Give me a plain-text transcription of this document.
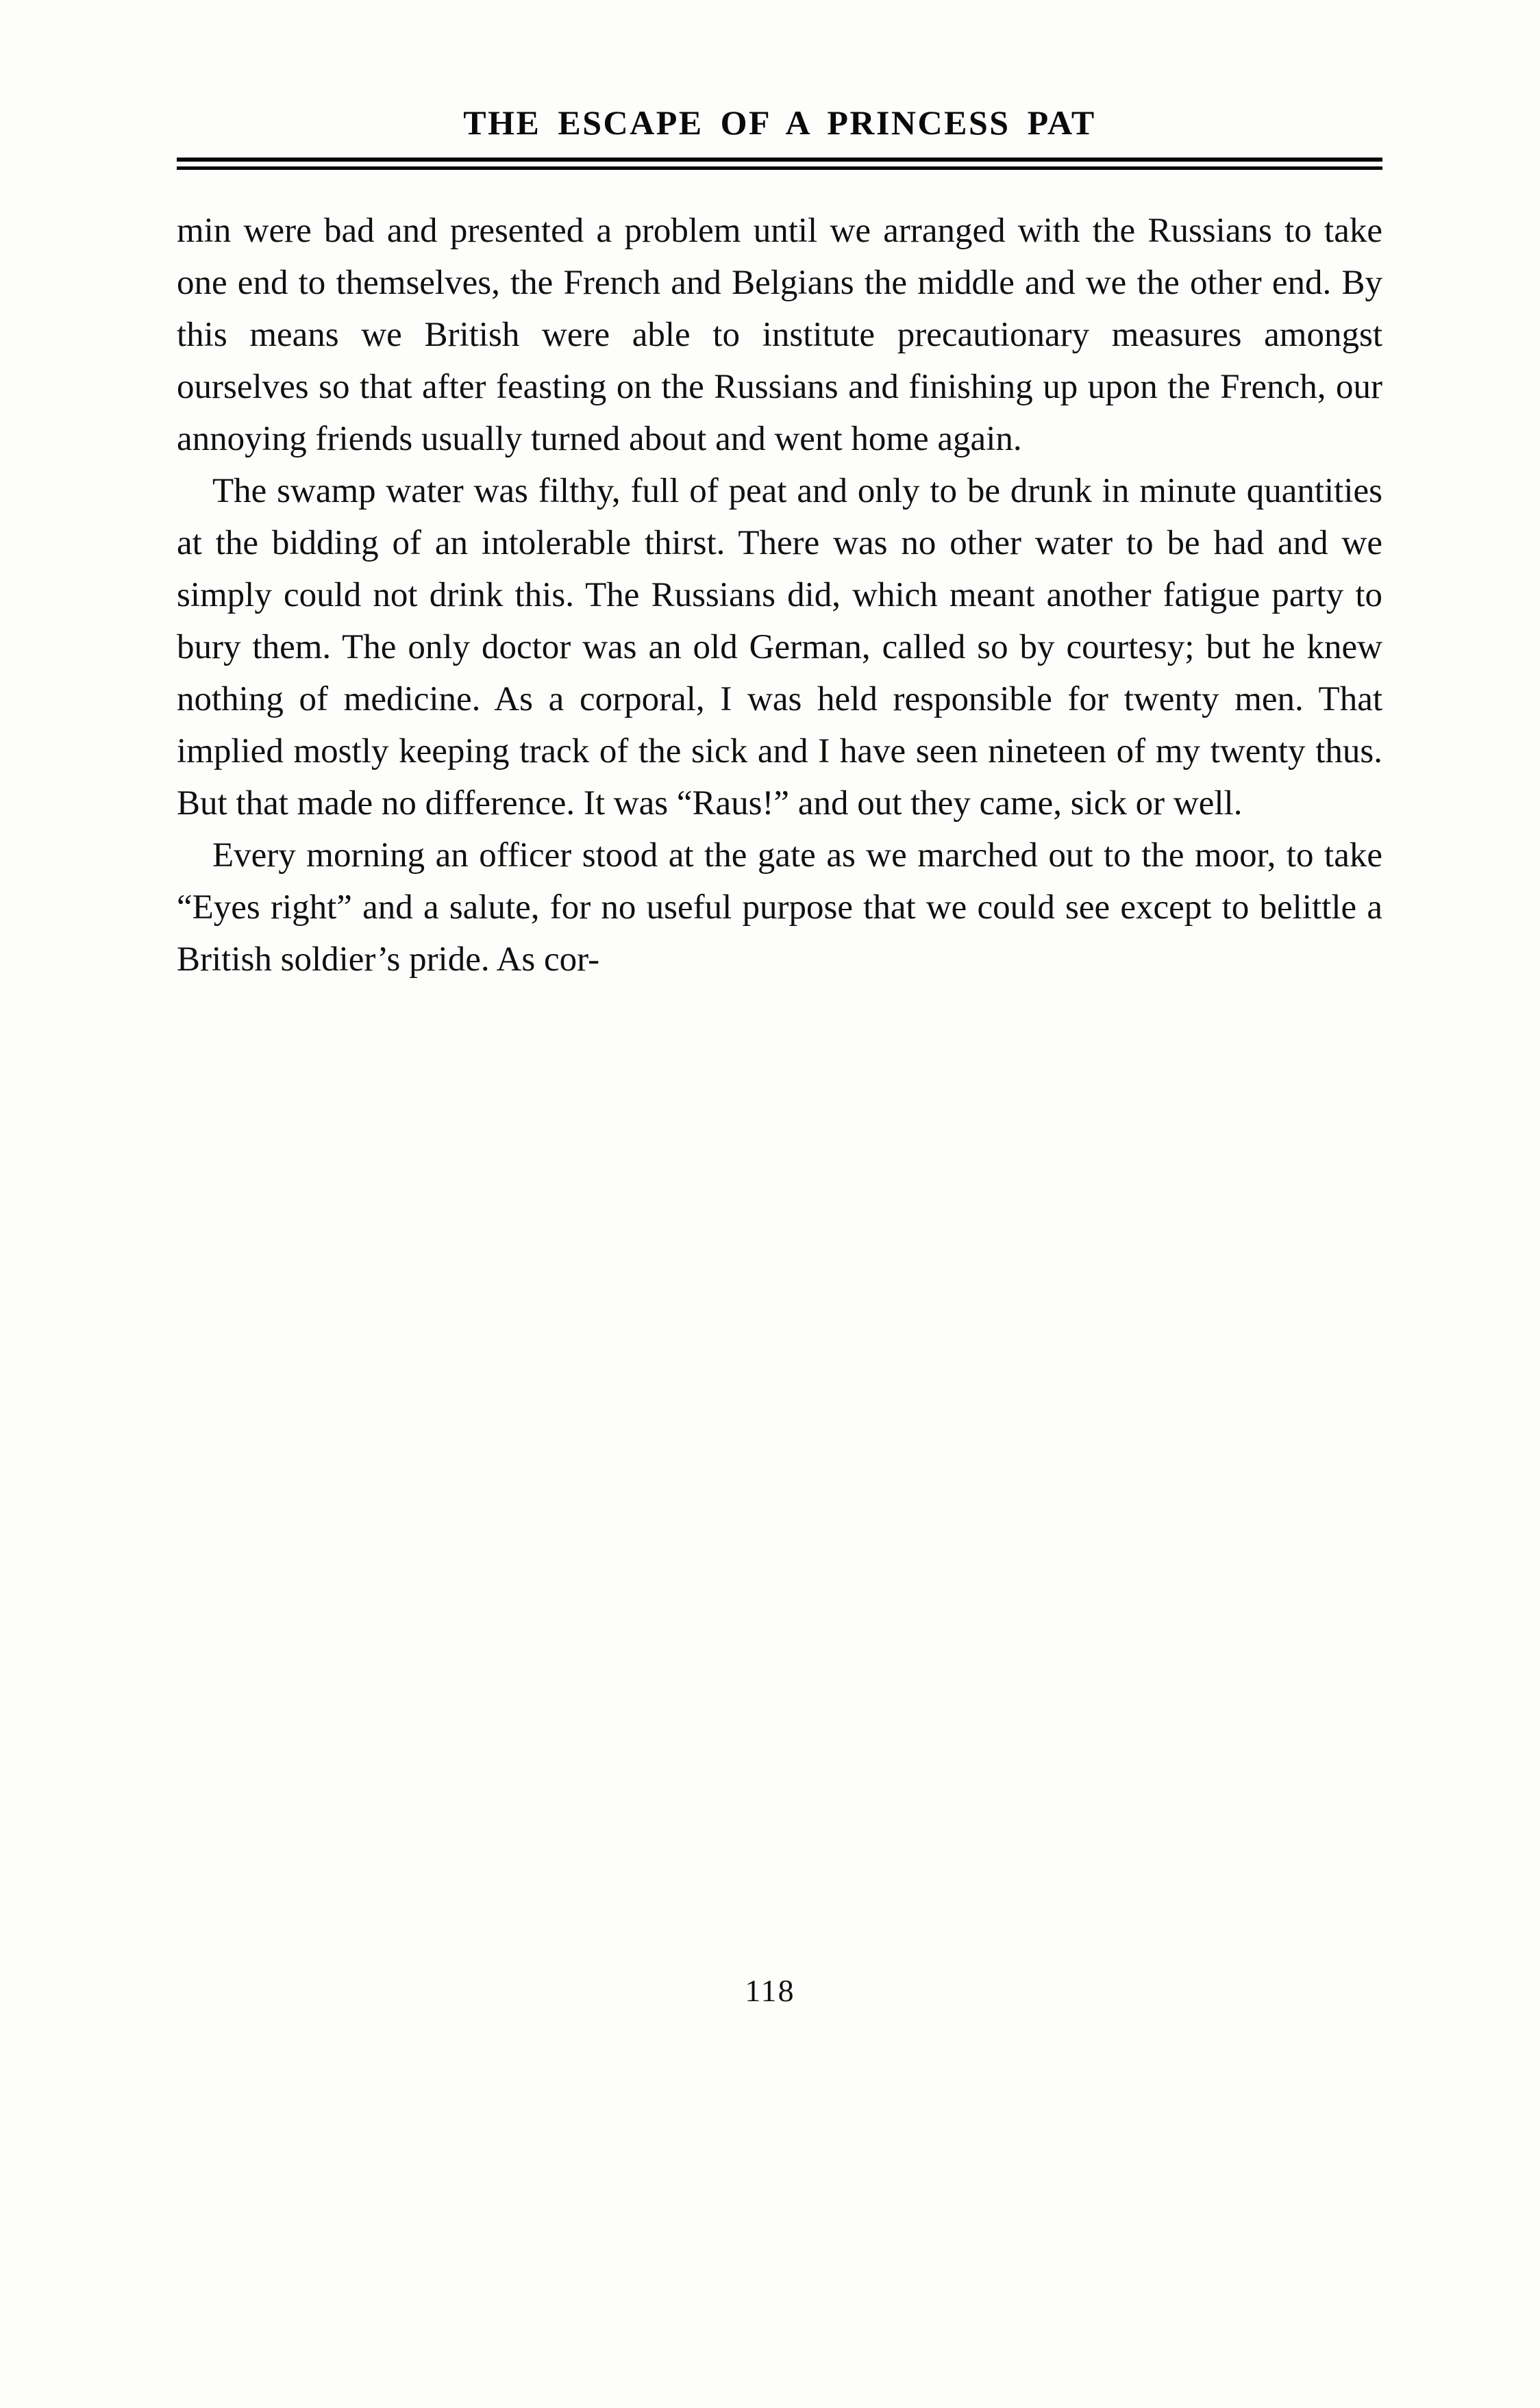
THE ESCAPE OF A PRINCESS PAT

min were bad and presented a problem until we arranged with the Russians to take one end to themselves, the French and Belgians the middle and we the other end. By this means we British were able to institute precautionary measures amongst ourselves so that after feasting on the Russians and finishing up upon the French, our annoying friends usually turned about and went home again.

The swamp water was filthy, full of peat and only to be drunk in minute quantities at the bidding of an intolerable thirst. There was no other water to be had and we simply could not drink this. The Russians did, which meant another fatigue party to bury them. The only doctor was an old German, called so by courtesy; but he knew nothing of medicine. As a corporal, I was held responsible for twenty men. That implied mostly keeping track of the sick and I have seen nineteen of my twenty thus. But that made no difference. It was “Raus!” and out they came, sick or well.

Every morning an officer stood at the gate as we marched out to the moor, to take “Eyes right” and a salute, for no useful purpose that we could see except to belittle a British soldier’s pride. As cor-

118
